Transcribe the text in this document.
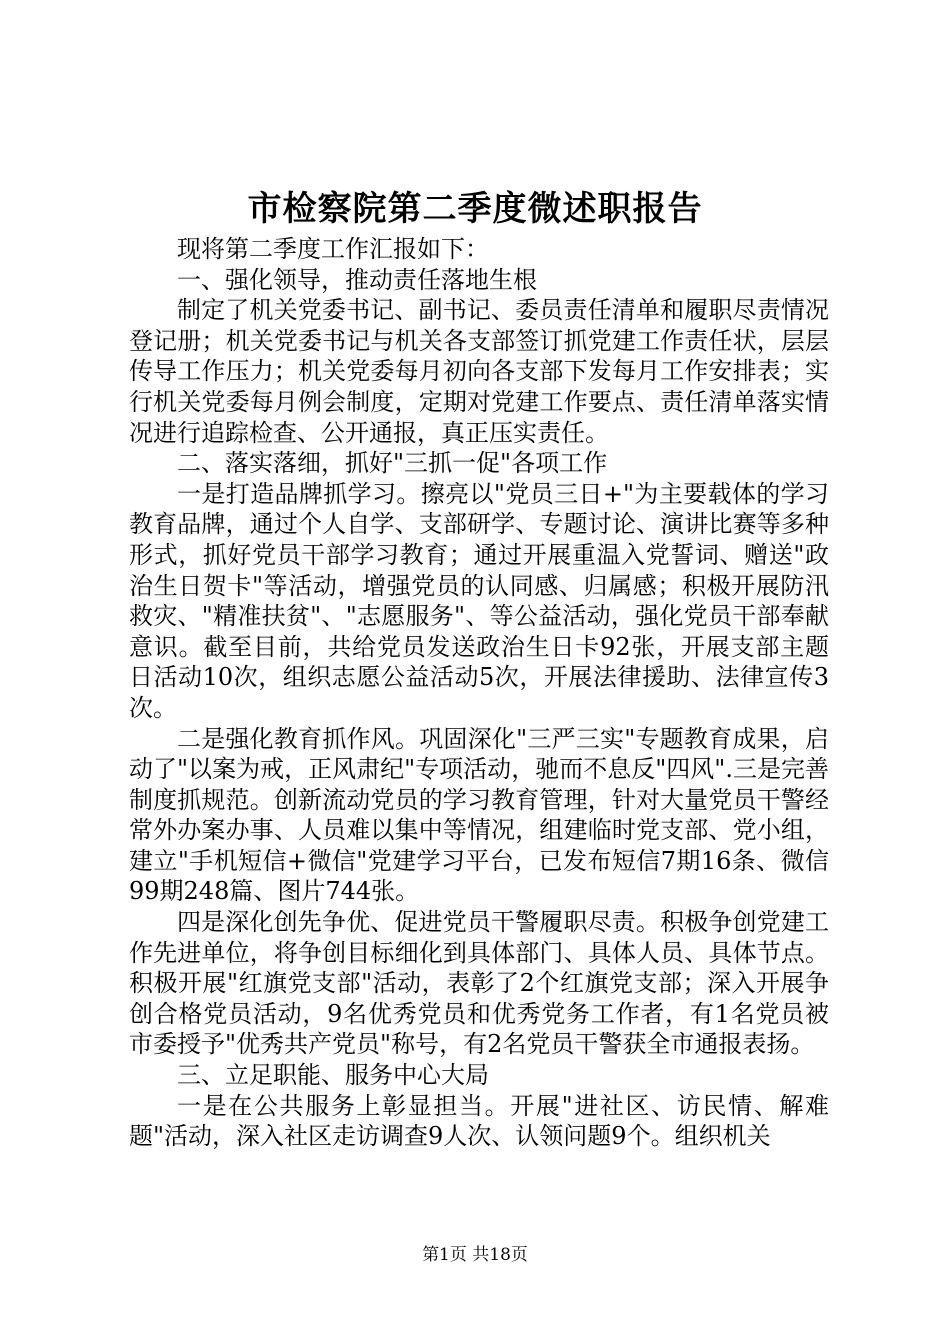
市检察院第二季度微述职报告

现将第二季度工作汇报如下：

一、强化领导，推动责任落地生根

制定了机关党委书记、副书记、委员责任清单和履职尽责情况登记册；机关党委书记与机关各支部签订抓党建工作责任状，层层传导工作压力；机关党委每月初向各支部下发每月工作安排表；实行机关党委每月例会制度，定期对党建工作要点、责任清单落实情况进行追踪检查、公开通报，真正压实责任。

二、落实落细，抓好"三抓一促"各项工作

一是打造品牌抓学习。擦亮以"党员三日+"为主要载体的学习教育品牌，通过个人自学、支部研学、专题讨论、演讲比赛等多种形式，抓好党员干部学习教育；通过开展重温入党誓词、赠送"政治生日贺卡"等活动，增强党员的认同感、归属感；积极开展防汛救灾、"精准扶贫"、"志愿服务"、等公益活动，强化党员干部奉献意识。截至目前，共给党员发送政治生日卡92张，开展支部主题日活动10次，组织志愿公益活动5次，开展法律援助、法律宣传3次。

二是强化教育抓作风。巩固深化"三严三实"专题教育成果，启动了"以案为戒，正风肃纪"专项活动，驰而不息反"四风".三是完善制度抓规范。创新流动党员的学习教育管理，针对大量党员干警经常外办案办事、人员难以集中等情况，组建临时党支部、党小组，建立"手机短信+微信"党建学习平台，已发布短信7期16条、微信99期248篇、图片744张。

四是深化创先争优、促进党员干警履职尽责。积极争创党建工作先进单位，将争创目标细化到具体部门、具体人员、具体节点。积极开展"红旗党支部"活动，表彰了2个红旗党支部；深入开展争创合格党员活动，9名优秀党员和优秀党务工作者，有1名党员被市委授予"优秀共产党员"称号，有2名党员干警获全市通报表扬。

三、立足职能、服务中心大局

一是在公共服务上彰显担当。开展"进社区、访民情、解难题"活动，深入社区走访调查9人次、认领问题9个。组织机关

第1页 共18页
